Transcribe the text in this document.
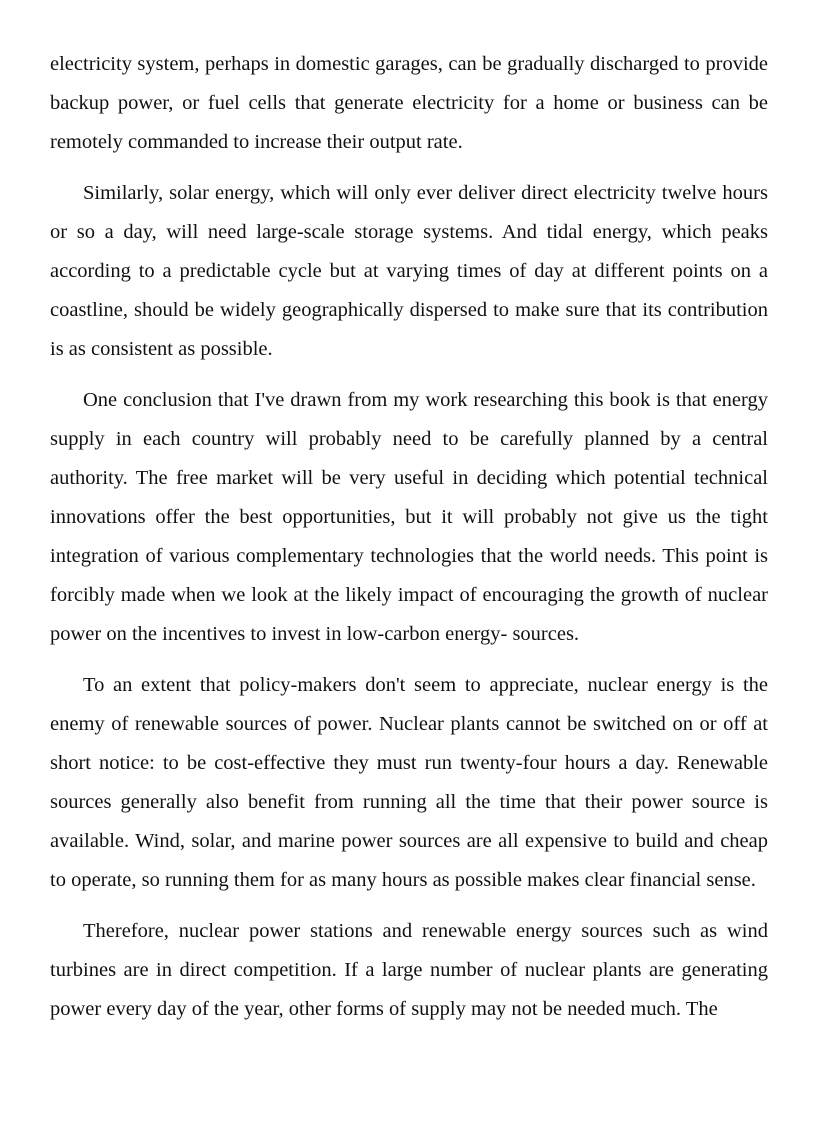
electricity system, perhaps in domestic garages, can be gradually discharged to provide backup power, or fuel cells that generate electricity for a home or business can be remotely commanded to increase their output rate.

Similarly, solar energy, which will only ever deliver direct electricity twelve hours or so a day, will need large-scale storage systems. And tidal energy, which peaks according to a predictable cycle but at varying times of day at different points on a coastline, should be widely geographically dispersed to make sure that its contribution is as consistent as possible.

One conclusion that I've drawn from my work researching this book is that energy supply in each country will probably need to be carefully planned by a central authority. The free market will be very useful in deciding which potential technical innovations offer the best opportunities, but it will probably not give us the tight integration of various complementary technologies that the world needs. This point is forcibly made when we look at the likely impact of encouraging the growth of nuclear power on the incentives to invest in low-carbon energy- sources.

To an extent that policy-makers don't seem to appreciate, nuclear energy is the enemy of renewable sources of power. Nuclear plants cannot be switched on or off at short notice: to be cost-effective they must run twenty-four hours a day. Renewable sources generally also benefit from running all the time that their power source is available. Wind, solar, and marine power sources are all expensive to build and cheap to operate, so running them for as many hours as possible makes clear financial sense.

Therefore, nuclear power stations and renewable energy sources such as wind turbines are in direct competition. If a large number of nuclear plants are generating power every day of the year, other forms of supply may not be needed much. The
